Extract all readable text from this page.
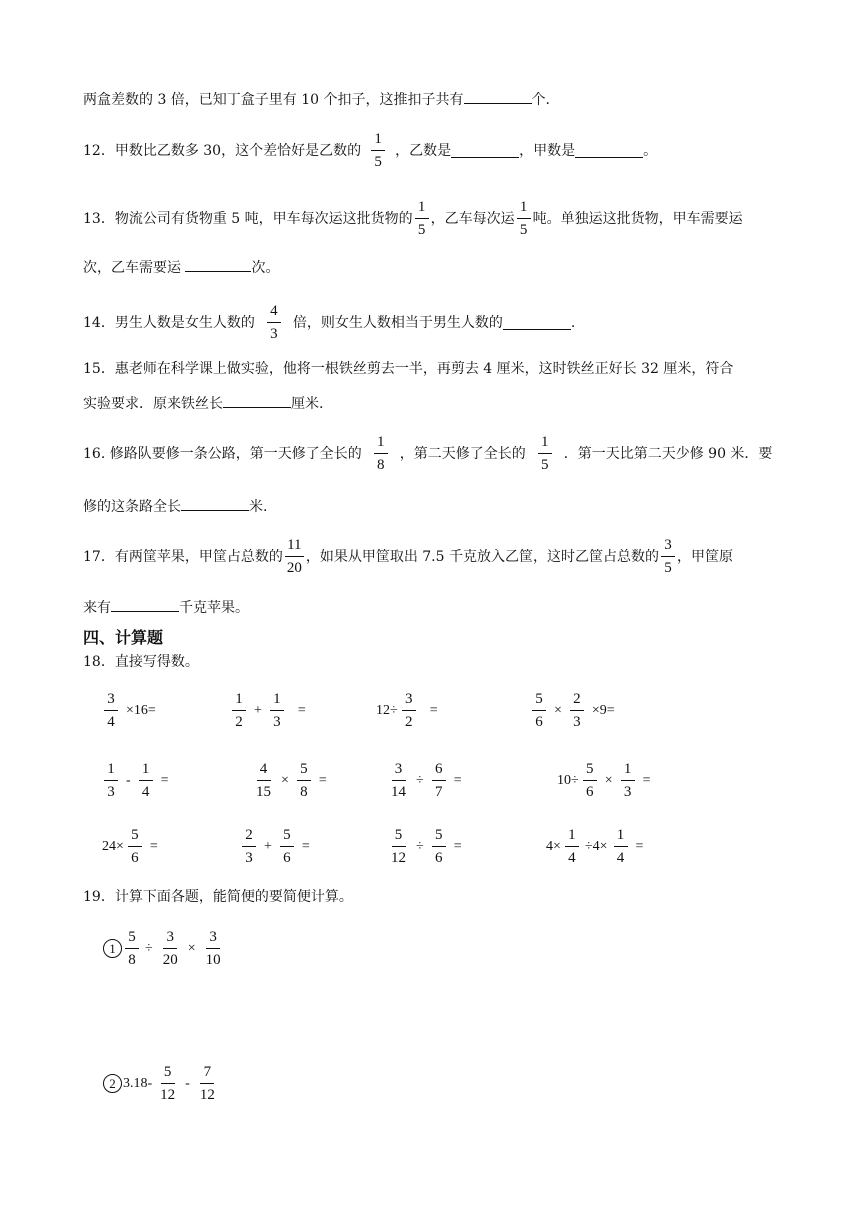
两盒差数的 3 倍，已知丁盒子里有 10 个扣子，这推扣子共有	个.
12．甲数比乙数多 30，这个差恰好是乙数的 $\frac{1}{5}$ ，乙数是	，甲数是	。
13．物流公司有货物重 5 吨，甲车每次运这批货物的 $\frac{1}{5}$ ，乙车每次运 $\frac{1}{5}$ 吨。单独运这批货物，甲车需要运
次，乙车需要运	次。
14．男生人数是女生人数的 $\frac{4}{3}$ 倍，则女生人数相当于男生人数的	.
15．惠老师在科学课上做实验，他将一根铁丝剪去一半，再剪去 4 厘米，这时铁丝正好长 32 厘米，符合
实验要求．原来铁丝长	厘米.
16. 修路队要修一条公路，第一天修了全长的 $\frac{1}{8}$ ，第二天修了全长的 $\frac{1}{5}$ ．第一天比第二天少修 90 米．要
修的这条路全长	米.
17．有两筐苹果，甲筐占总数的 $\frac{11}{20}$ ，如果从甲筐取出 7.5 千克放入乙筐，这时乙筐占总数的 $\frac{3}{5}$ ，甲筐原
来有	千克苹果。
四、计算题
18．直接写得数。
$\frac{3}{4} \times 16=$	$\frac{1}{2} + \frac{1}{3}$ =	$12\div \frac{3}{2}$ =	$\frac{5}{6} \times \frac{2}{3} \times 9=$
$\frac{1}{3} - \frac{1}{4}$ =	$\frac{4}{15} \times \frac{5}{8}$ =	$\frac{3}{14} \div \frac{6}{7}$ =	$10\div \frac{5}{6} \times \frac{1}{3}$ =
$24\times \frac{5}{6}$ =	$\frac{2}{3} + \frac{5}{6}$ =	$\frac{5}{12} \div \frac{5}{6}$ =	$4\times \frac{1}{4} \div 4\times \frac{1}{4}$ =
19．计算下面各题，能简便的要简便计算。
$1 \frac{5}{8} \div \frac{3}{20} \times \frac{3}{10}$
2 $3.18- \frac{5}{12} - \frac{7}{12}$
